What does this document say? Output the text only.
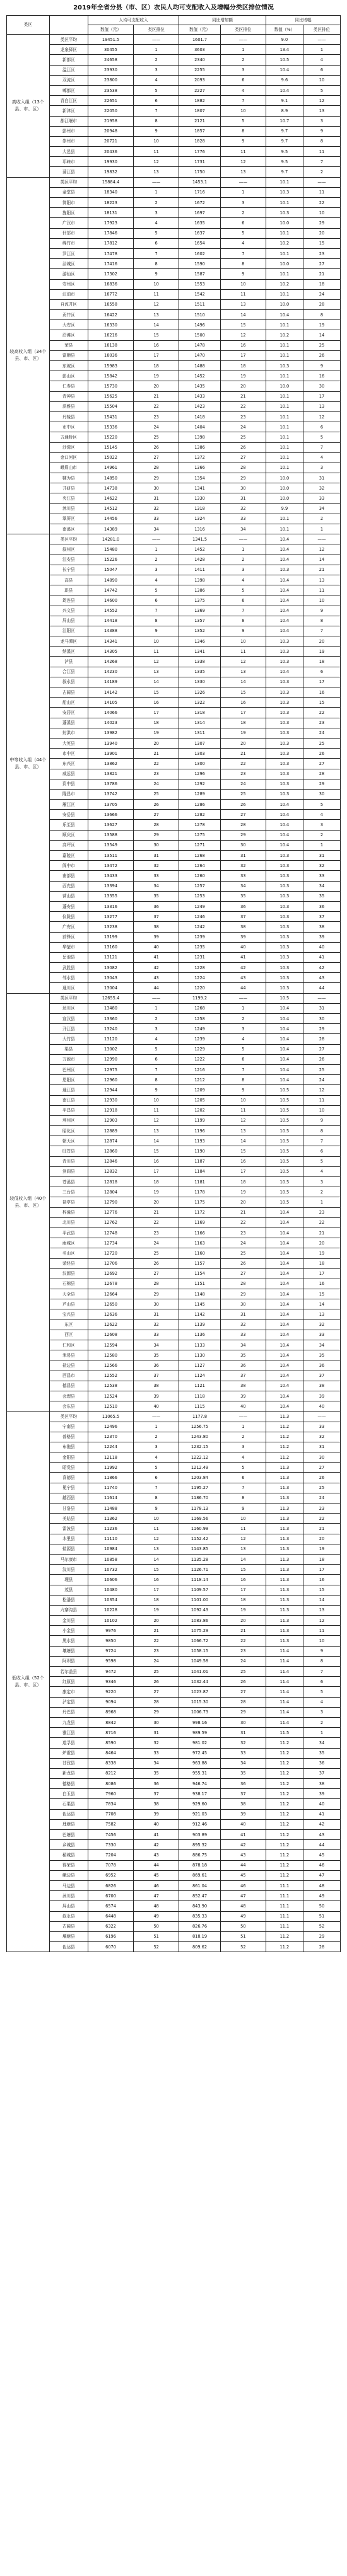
2019年全省分县（市、区）农民人均可支配收入及增幅分类区排位情况
类区		人均可支配收入		同比增加额		同比增幅	
		数值（元）	类区排位	数值（元）	类区排位	数值（%）	类区排位
高收入组（13个县、市、区）	类区平均	19451.5	——	1601.7	——	9.0	——
	龙泉驿区	30455	1	3603	1	13.4	1
	新都区	24658	2	2340	2	10.5	4
	温江区	23930	3	2255	3	10.4	6
	双流区	23800	4	2093	6	9.6	10
	郫都区	23538	5	2227	4	10.4	5
	青白江区	22651	6	1882	7	9.1	12
	新津区	22050	7	1807	10	8.9	13
	都江堰市	21958	8	2121	5	10.7	3
	彭州市	20948	9	1857	8	9.7	9
	崇州市	20721	10	1828	9	9.7	8
	大邑县	20436	11	1776	11	9.5	11
	邛崃市	19930	12	1731	12	9.5	7
	蒲江县	19832	13	1750	13	9.7	2
较高收入组（34个县、市、区）	类区平均	15884.4	——	1453.1	——	10.1	——
	金堂县	18340	1	1716	1	10.3	11
	简阳市	18223	2	1672	3	10.1	22
	旌阳区	18131	3	1697	2	10.3	10
	广汉市	17923	4	1635	6	10.0	29
	什邡市	17846	5	1637	5	10.1	20
	绵竹市	17812	6	1654	4	10.2	15
	罗江区	17478	7	1602	7	10.1	23
	涪城区	17416	8	1590	8	10.0	27
	游仙区	17302	9	1587	9	10.1	21
	安州区	16836	10	1553	10	10.2	18
	江油市	16772	11	1542	11	10.1	24
	自流井区	16558	12	1511	13	10.0	28
	贡井区	16422	13	1510	14	10.4	8
	大安区	16330	14	1496	15	10.1	19
	沿滩区	16216	15	1500	12	10.2	14
	荣县	16138	16	1478	16	10.1	25
	富顺县	16036	17	1470	17	10.1	26
	东坡区	15983	18	1488	18	10.3	9
	彭山区	15842	19	1452	19	10.1	16
	仁寿县	15730	20	1435	20	10.0	30
	青神县	15625	21	1433	21	10.1	17
	洪雅县	15504	22	1423	22	10.1	13
	丹棱县	15431	23	1418	23	10.1	12
	市中区	15336	24	1404	24	10.1	6
	五通桥区	15220	25	1398	25	10.1	5
	沙湾区	15145	26	1386	26	10.1	7
	金口河区	15022	27	1372	27	10.1	4
	峨眉山市	14961	28	1366	28	10.1	3
	犍为县	14850	29	1354	29	10.0	31
	井研县	14738	30	1341	30	10.0	32
	夹江县	14622	31	1330	31	10.0	33
	沐川县	14512	32	1318	32	9.9	34
	翠屏区	14456	33	1324	33	10.1	2
	南溪区	14389	34	1316	34	10.1	1
中等收入组（44个县、市、区）	类区平均	14281.0	——	1341.5	——	10.4	——
	叙州区	15480	1	1452	1	10.4	12
	江安县	15226	2	1428	2	10.4	14
	长宁县	15047	3	1411	3	10.3	21
	高县	14890	4	1398	4	10.4	13
	珙县	14742	5	1386	5	10.4	11
	筠连县	14600	6	1375	6	10.4	10
	兴文县	14552	7	1369	7	10.4	9
	屏山县	14418	8	1357	8	10.4	8
	江阳区	14388	9	1352	9	10.4	7
	龙马潭区	14341	10	1346	10	10.3	20
	纳溪区	14305	11	1341	11	10.3	19
	泸县	14268	12	1338	12	10.3	18
	合江县	14230	13	1335	13	10.4	6
	叙永县	14189	14	1330	14	10.3	17
	古蔺县	14142	15	1326	15	10.3	16
	船山区	14105	16	1322	16	10.3	15
	安居区	14066	17	1318	17	10.3	22
	蓬溪县	14023	18	1314	18	10.3	23
	射洪市	13982	19	1311	19	10.3	24
	大英县	13940	20	1307	20	10.3	25
	市中区	13901	21	1303	21	10.3	26
	东兴区	13862	22	1300	22	10.3	27
	威远县	13821	23	1296	23	10.3	28
	资中县	13786	24	1292	24	10.3	29
	隆昌市	13742	25	1289	25	10.3	30
	雁江区	13705	26	1286	26	10.4	5
	安岳县	13666	27	1282	27	10.4	4
	乐至县	13627	28	1278	28	10.4	3
	顺庆区	13588	29	1275	29	10.4	2
	高坪区	13549	30	1271	30	10.4	1
	嘉陵区	13511	31	1268	31	10.3	31
	阆中市	13472	32	1264	32	10.3	32
	南部县	13433	33	1260	33	10.3	33
	西充县	13394	34	1257	34	10.3	34
	营山县	13355	35	1253	35	10.3	35
	蓬安县	13316	36	1249	36	10.3	36
	仪陇县	13277	37	1246	37	10.3	37
	广安区	13238	38	1242	38	10.3	38
	前锋区	13199	39	1239	39	10.3	39
	华蓥市	13160	40	1235	40	10.3	40
	岳池县	13121	41	1231	41	10.3	41
	武胜县	13082	42	1228	42	10.3	42
	邻水县	13043	43	1224	43	10.3	43
	通川区	13004	44	1220	44	10.3	44
较低收入组（40个县、市、区）	类区平均	12655.4	——	1199.2	——	10.5	——
	达川区	13480	1	1268	1	10.4	31
	宣汉县	13360	2	1258	2	10.4	30
	开江县	13240	3	1249	3	10.4	29
	大竹县	13120	4	1239	4	10.4	28
	渠县	13002	5	1229	5	10.4	27
	万源市	12990	6	1222	6	10.4	26
	巴州区	12975	7	1216	7	10.4	25
	恩阳区	12960	8	1212	8	10.4	24
	通江县	12944	9	1209	9	10.5	12
	南江县	12930	10	1205	10	10.5	11
	平昌县	12918	11	1202	11	10.5	10
	利州区	12903	12	1199	12	10.5	9
	昭化区	12889	13	1196	13	10.5	8
	朝天区	12874	14	1193	14	10.5	7
	旺苍县	12860	15	1190	15	10.5	6
	青川县	12846	16	1187	16	10.5	5
	剑阁县	12832	17	1184	17	10.5	4
	苍溪县	12818	18	1181	18	10.5	3
	三台县	12804	19	1178	19	10.5	2
	盐亭县	12790	20	1175	20	10.5	1
	梓潼县	12776	21	1172	21	10.4	23
	北川县	12762	22	1169	22	10.4	22
	平武县	12748	23	1166	23	10.4	21
	雨城区	12734	24	1163	24	10.4	20
	名山区	12720	25	1160	25	10.4	19
	荥经县	12706	26	1157	26	10.4	18
	汉源县	12692	27	1154	27	10.4	17
	石棉县	12678	28	1151	28	10.4	16
	天全县	12664	29	1148	29	10.4	15
	芦山县	12650	30	1145	30	10.4	14
	宝兴县	12636	31	1142	31	10.4	13
	东区	12622	32	1139	32	10.4	32
	西区	12608	33	1136	33	10.4	33
	仁和区	12594	34	1133	34	10.4	34
	米易县	12580	35	1130	35	10.4	35
	盐边县	12566	36	1127	36	10.4	36
	西昌市	12552	37	1124	37	10.4	37
	德昌县	12538	38	1121	38	10.4	38
	会理县	12524	39	1118	39	10.4	39
	会东县	12510	40	1115	40	10.4	40
低收入组（52个县、市、区）	类区平均	11065.5	——	1177.8	——	11.3	——
	宁南县	12496	1	1256.75	1	11.2	33
	普格县	12370	2	1243.80	2	11.2	32
	布拖县	12244	3	1232.15	3	11.2	31
	金阳县	12118	4	1222.12	4	11.2	30
	昭觉县	11992	5	1212.49	5	11.3	27
	喜德县	11866	6	1203.84	6	11.3	26
	冕宁县	11740	7	1195.27	7	11.3	25
	越西县	11614	8	1186.70	8	11.3	24
	甘洛县	11488	9	1178.13	9	11.3	23
	美姑县	11362	10	1169.56	10	11.3	22
	雷波县	11236	11	1160.99	11	11.3	21
	木里县	11110	12	1152.42	12	11.3	20
	盐源县	10984	13	1143.85	13	11.3	19
	马尔康市	10858	14	1135.28	14	11.3	18
	汶川县	10732	15	1126.71	15	11.3	17
	理县	10606	16	1118.14	16	11.3	16
	茂县	10480	17	1109.57	17	11.3	15
	松潘县	10354	18	1101.00	18	11.3	14
	九寨沟县	10228	19	1092.43	19	11.3	13
	金川县	10102	20	1083.86	20	11.3	12
	小金县	9976	21	1075.29	21	11.3	11
	黑水县	9850	22	1066.72	22	11.3	10
	壤塘县	9724	23	1058.15	23	11.4	9
	阿坝县	9598	24	1049.58	24	11.4	8
	若尔盖县	9472	25	1041.01	25	11.4	7
	红原县	9346	26	1032.44	26	11.4	6
	康定市	9220	27	1023.87	27	11.4	5
	泸定县	9094	28	1015.30	28	11.4	4
	丹巴县	8968	29	1006.73	29	11.4	3
	九龙县	8842	30	998.16	30	11.4	2
	雅江县	8716	31	989.59	31	11.5	1
	道孚县	8590	32	981.02	32	11.2	34
	炉霍县	8464	33	972.45	33	11.2	35
	甘孜县	8338	34	963.88	34	11.2	36
	新龙县	8212	35	955.31	35	11.2	37
	德格县	8086	36	946.74	36	11.2	38
	白玉县	7960	37	938.17	37	11.2	39
	石渠县	7834	38	929.60	38	11.2	40
	色达县	7708	39	921.03	39	11.2	41
	理塘县	7582	40	912.46	40	11.2	42
	巴塘县	7456	41	903.89	41	11.2	43
	乡城县	7330	42	895.32	42	11.2	44
	稻城县	7204	43	886.75	43	11.2	45
	得荣县	7078	44	878.18	44	11.2	46
	峨边县	6952	45	869.61	45	11.2	47
	马边县	6826	46	861.04	46	11.1	48
	沐川县	6700	47	852.47	47	11.1	49
	屏山县	6574	48	843.90	48	11.1	50
	叙永县	6448	49	835.33	49	11.1	51
	古蔺县	6322	50	826.76	50	11.1	52
	壤塘县	6196	51	818.19	51	11.2	29
	色达县	6070	52	809.62	52	11.2	28
